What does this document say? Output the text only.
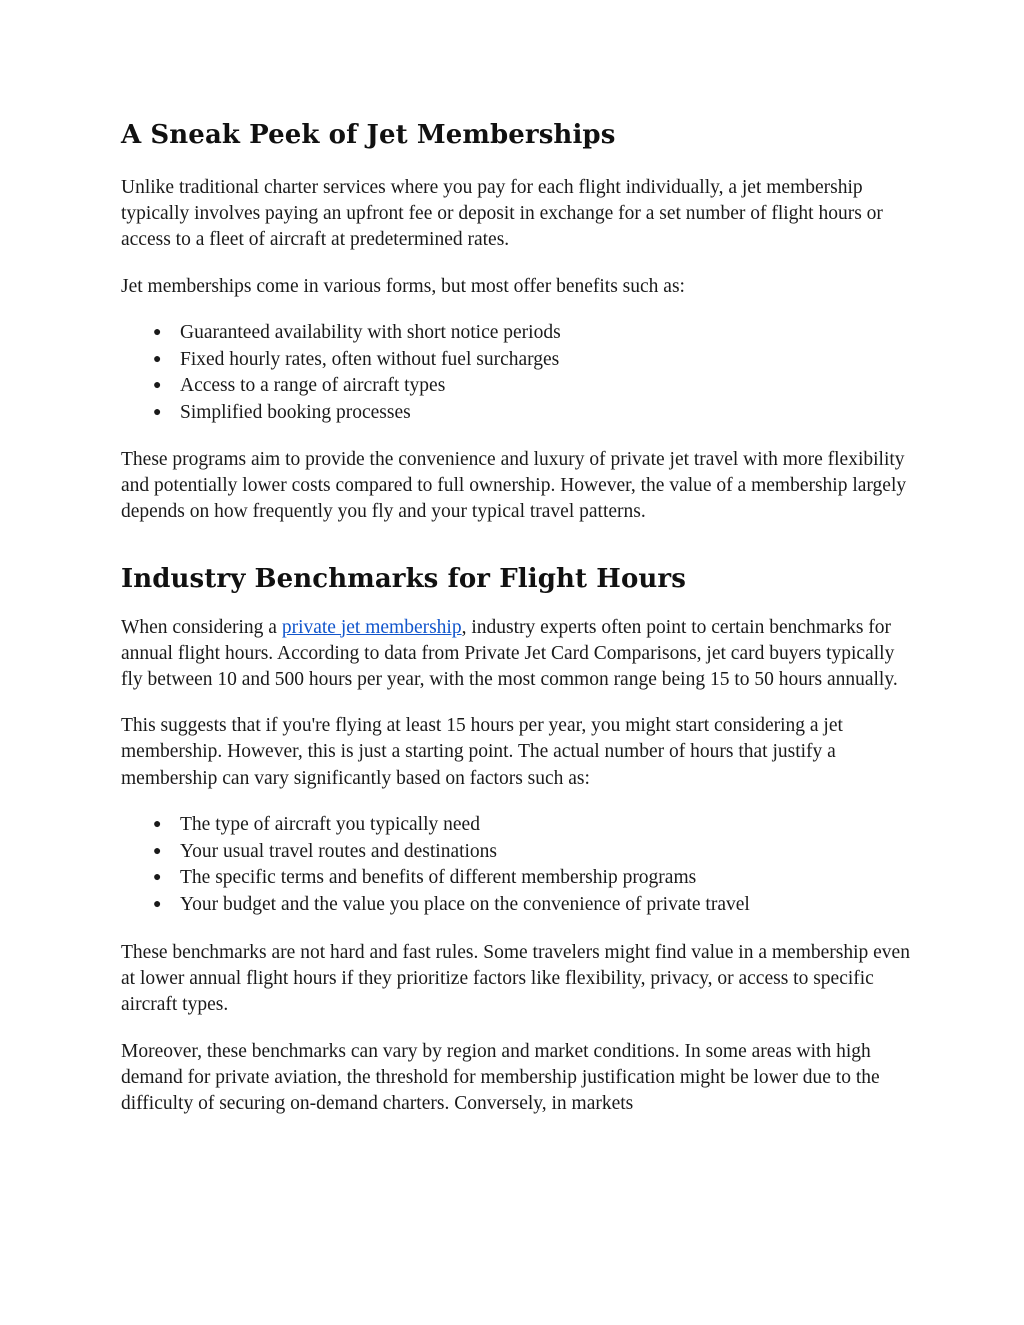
A Sneak Peek of Jet Memberships

Unlike traditional charter services where you pay for each flight individually, a jet membership typically involves paying an upfront fee or deposit in exchange for a set number of flight hours or access to a fleet of aircraft at predetermined rates.

Jet memberships come in various forms, but most offer benefits such as:

● Guaranteed availability with short notice periods
● Fixed hourly rates, often without fuel surcharges
● Access to a range of aircraft types
● Simplified booking processes

These programs aim to provide the convenience and luxury of private jet travel with more flexibility and potentially lower costs compared to full ownership. However, the value of a membership largely depends on how frequently you fly and your typical travel patterns.

Industry Benchmarks for Flight Hours

When considering a private jet membership, industry experts often point to certain benchmarks for annual flight hours. According to data from Private Jet Card Comparisons, jet card buyers typically fly between 10 and 500 hours per year, with the most common range being 15 to 50 hours annually.

This suggests that if you're flying at least 15 hours per year, you might start considering a jet membership. However, this is just a starting point. The actual number of hours that justify a membership can vary significantly based on factors such as:

● The type of aircraft you typically need
● Your usual travel routes and destinations
● The specific terms and benefits of different membership programs
● Your budget and the value you place on the convenience of private travel

These benchmarks are not hard and fast rules. Some travelers might find value in a membership even at lower annual flight hours if they prioritize factors like flexibility, privacy, or access to specific aircraft types.

Moreover, these benchmarks can vary by region and market conditions. In some areas with high demand for private aviation, the threshold for membership justification might be lower due to the difficulty of securing on-demand charters. Conversely, in markets
